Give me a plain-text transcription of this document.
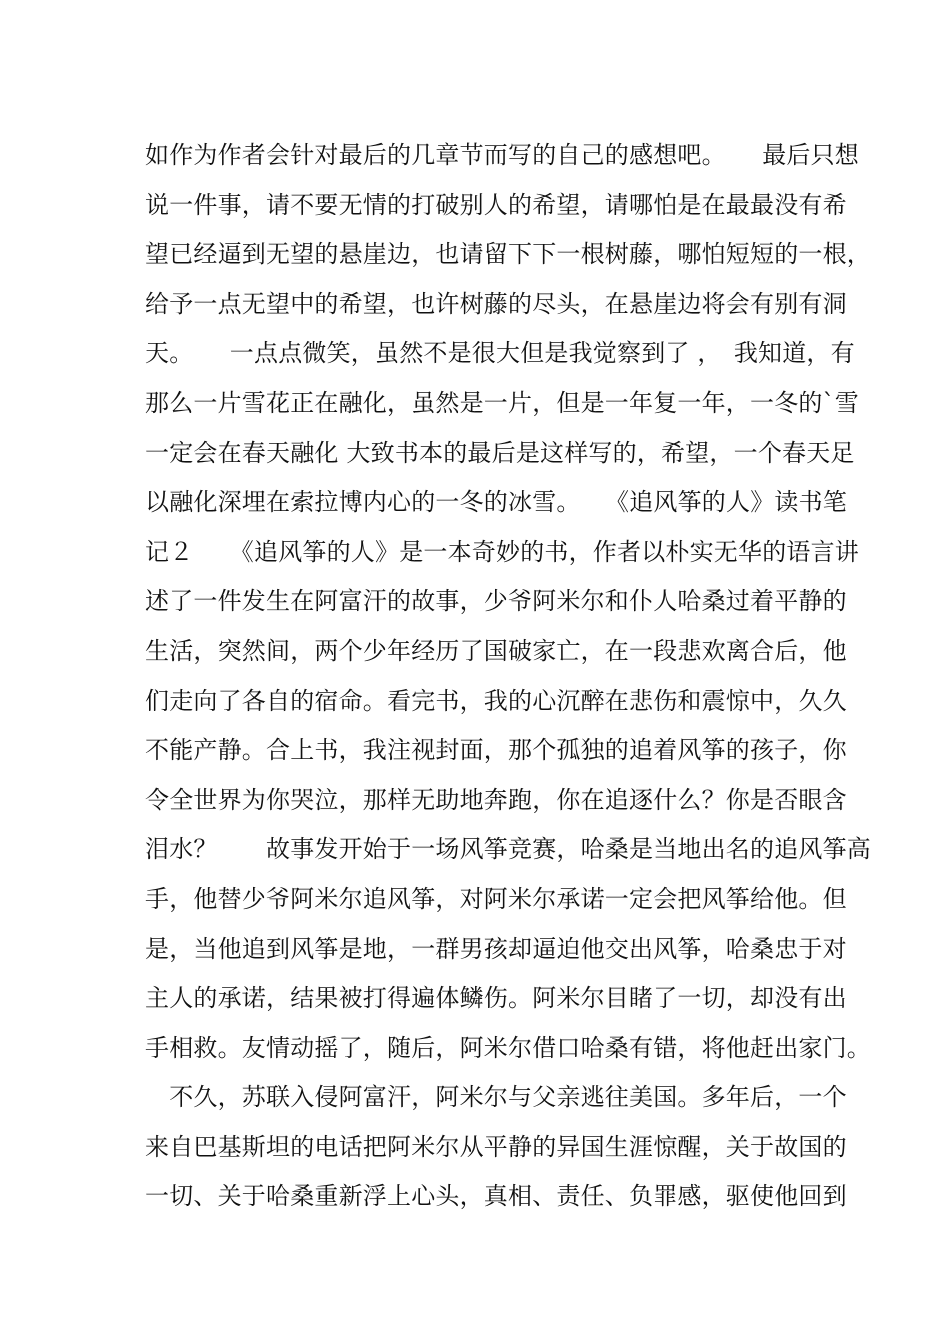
如作为作者会针对最后的几章节而写的自己的感想吧。　　最后只想
说一件事，请不要无情的打破别人的希望，请哪怕是在最最没有希
望已经逼到无望的悬崖边，也请留下下一根树藤，哪怕短短的一根，
给予一点无望中的希望，也许树藤的尽头，在悬崖边将会有别有洞
天。　　一点点微笑，虽然不是很大但是我觉察到了 ，　我知道，有
那么一片雪花正在融化，虽然是一片，但是一年复一年，一冬的`雪
一定会在春天融化 大致书本的最后是这样写的，希望，一个春天足
以融化深埋在索拉博内心的一冬的冰雪。　　《追风筝的人》读书笔
记２　　《追风筝的人》是一本奇妙的书，作者以朴实无华的语言讲
述了一件发生在阿富汗的故事，少爷阿米尔和仆人哈桑过着平静的
生活，突然间，两个少年经历了国破家亡，在一段悲欢离合后，他
们走向了各自的宿命。看完书，我的心沉醉在悲伤和震惊中，久久
不能产静。合上书，我注视封面，那个孤独的追着风筝的孩子，你
令全世界为你哭泣，那样无助地奔跑，你在追逐什么？你是否眼含
泪水？　　故事发开始于一场风筝竞赛，哈桑是当地出名的追风筝高
手，他替少爷阿米尔追风筝，对阿米尔承诺一定会把风筝给他。但
是，当他追到风筝是地，一群男孩却逼迫他交出风筝，哈桑忠于对
主人的承诺，结果被打得遍体鳞伤。阿米尔目睹了一切，却没有出
手相救。友情动摇了，随后，阿米尔借口哈桑有错，将他赶出家门。
　不久，苏联入侵阿富汗，阿米尔与父亲逃往美国。多年后，一个
来自巴基斯坦的电话把阿米尔从平静的异国生涯惊醒，关于故国的
一切、关于哈桑重新浮上心头，真相、责任、负罪感，驱使他回到
